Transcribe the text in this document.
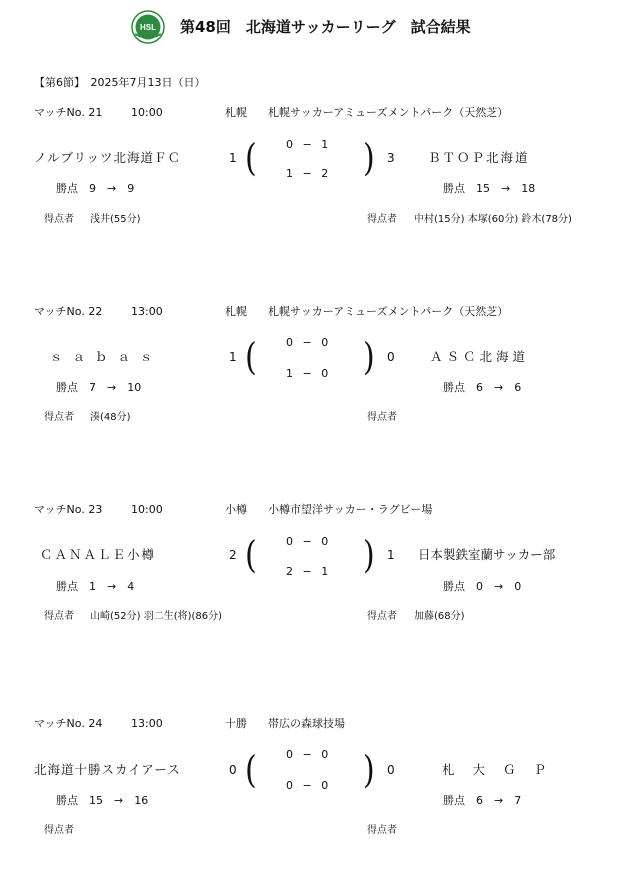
HSL 第48回　北海道サッカーリーグ　試合結果
【第6節】　2025年7月13日（日）
マッチNo. 21	10:00	札幌 札幌サッカーアミューズメントパーク（天然芝）
ノルブリッツ北海道ＦＣ	1 (	0 − 1
1 − 2 ) 3	ＢＴＯＰ北海道
勝点　9　→　9	勝点　15　→　18
得点者 浅井(55分)	得点者 中村(15分) 本塚(60分) 鈴木(78分)
マッチNo. 22	13:00	札幌 札幌サッカーアミューズメントパーク（天然芝）
ｓａｂａｓ	1 (	0 − 0
1 − 0 ) 0	ＡＳＣ北海道
勝点　7　→　10	勝点　6　→　6
得点者 湊(48分)	得点者
マッチNo. 23	10:00	小樽 小樽市望洋サッカー・ラグビー場
ＣＡＮＡＬＥ小樽	2 (	0 − 0
2 − 1 ) 1 日本製鉄室蘭サッカー部
勝点　1　→　4	勝点　0　→　0
得点者 山崎(52分) 羽二生(将)(86分)	得点者 加藤(68分)
マッチNo. 24	13:00	十勝 帯広の森球技場
北海道十勝スカイアース	0 (	0 − 0
0 − 0 ) 0	札大ＧＰ
勝点　15　→　16	勝点　6　→　7
得点者	得点者
